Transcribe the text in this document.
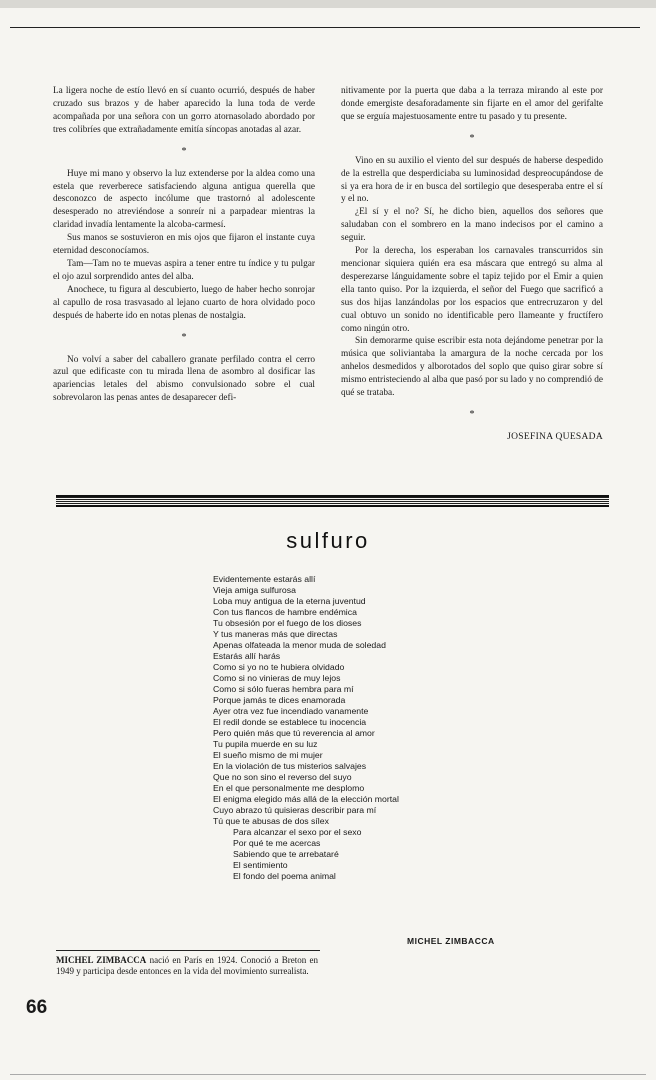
La ligera noche de estío llevó en sí cuanto ocurrió, después de haber cruzado sus brazos y de haber aparecido la luna toda de verde acompañada por una señora con un gorro atornasolado abordado por tres colibríes que extrañadamente emitía síncopas anotadas al azar.

*

Huye mi mano y observo la luz extenderse por la aldea como una estela que reverberece satisfaciendo alguna antigua querella que desconozco de aspecto incólume que trastornó al adolescente desesperado no atreviéndose a sonreír ni a parpadear mientras la claridad invadía lentamente la alcoba-carmesí.

Sus manos se sostuvieron en mis ojos que fijaron el instante cuya eternidad desconocíamos.

Tam—Tam no te muevas aspira a tener entre tu índice y tu pulgar el ojo azul sorprendido antes del alba.

Anochece, tu figura al descubierto, luego de haber hecho sonrojar al capullo de rosa trasvasado al lejano cuarto de hora olvidado poco después de haberte ido en notas plenas de nostalgia.

*

No volví a saber del caballero granate perfilado contra el cerro azul que edificaste con tu mirada llena de asombro al dosificar las apariencias letales del abismo convulsionado sobre el cual sobrevolaron las penas antes de desaparecer defi-

nitivamente por la puerta que daba a la terraza mirando al este por donde emergiste desaforadamente sin fijarte en el amor del gerifalte que se erguía majestuosamente entre tu pasado y tu presente.

*

Vino en su auxilio el viento del sur después de haberse despedido de la estrella que desperdiciaba su luminosidad despreocupándose de si ya era hora de ir en busca del sortilegio que desesperaba entre el sí y el no.

¿El sí y el no? Sí, he dicho bien, aquellos dos señores que saludaban con el sombrero en la mano indecisos por el camino a seguir.

Por la derecha, los esperaban los carnavales transcurridos sin mencionar siquiera quién era esa máscara que entregó su alma al desperezarse lánguidamente sobre el tapiz tejido por el Emir a quien ella tanto quiso. Por la izquierda, el señor del Fuego que sacrificó a sus dos hijas lanzándolas por los espacios que entrecruzaron y del cual obtuvo un sonido no identificable pero llameante y fructífero como ningún otro.

Sin demorarme quise escribir esta nota dejándome penetrar por la música que soliviantaba la amargura de la noche cercada por los anhelos desmedidos y alborotados del soplo que quiso girar sobre sí mismo entristeciendo al alba que pasó por su lado y no comprendió de qué se trataba.

*
JOSEFINA QUESADA
sulfuro
Evidentemente estarás allí
Vieja amiga sulfurosa
Loba muy antigua de la eterna juventud
Con tus flancos de hambre endémica
Tu obsesión por el fuego de los dioses
Y tus maneras más que directas
Apenas olfateada la menor muda de soledad
Estarás allí harás
Como si yo no te hubiera olvidado
Como si no vinieras de muy lejos
Como si sólo fueras hembra para mí
Porque jamás te dices enamorada
Ayer otra vez fue incendiado vanamente
El redil donde se establece tu inocencia
Pero quién más que tú reverencia al amor
Tu pupila muerde en su luz
El sueño mismo de mi mujer
En la violación de tus misterios salvajes
Que no son sino el reverso del suyo
En el que personalmente me desplomo
El enigma elegido más allá de la elección mortal
Cuyo abrazo tú quisieras describir para mí
Tú que te abusas de dos sílex
Para alcanzar el sexo por el sexo
Por qué te me acercas
Sabiendo que te arrebataré
El sentimiento
El fondo del poema animal
MICHEL ZIMBACCA
MICHEL ZIMBACCA nació en París en 1924. Conoció a Breton en 1949 y participa desde entonces en la vida del movimiento surrealista.
66
